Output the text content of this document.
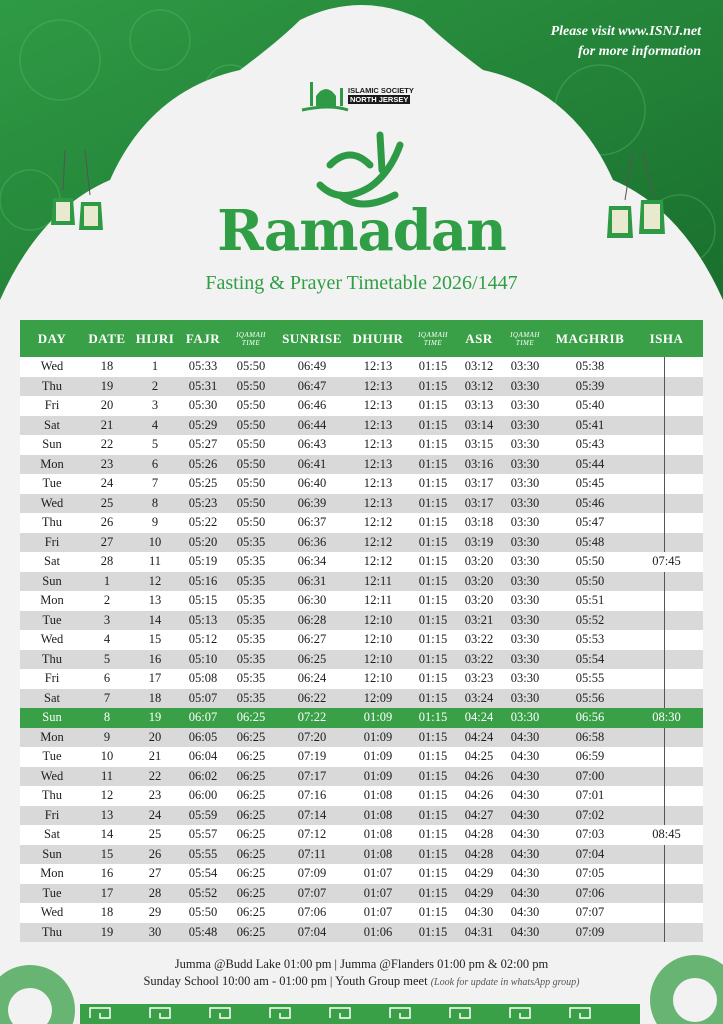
Please visit www.ISNJ.net
for more information
ISLAMIC SOCIETY
NORTH JERSEY
Ramadan
Fasting & Prayer Timetable 2026/1447
DAY	DATE	HIJRI	FAJR	IQAMAH TIME	SUNRISE	DHUHR	IQAMAH TIME	ASR	IQAMAH TIME	MAGHRIB	ISHA
Wed	18	1	05:33	05:50	06:49	12:13	01:15	03:12	03:30	05:38	
Thu	19	2	05:31	05:50	06:47	12:13	01:15	03:12	03:30	05:39	
Fri	20	3	05:30	05:50	06:46	12:13	01:15	03:13	03:30	05:40	
Sat	21	4	05:29	05:50	06:44	12:13	01:15	03:14	03:30	05:41	
Sun	22	5	05:27	05:50	06:43	12:13	01:15	03:15	03:30	05:43	
Mon	23	6	05:26	05:50	06:41	12:13	01:15	03:16	03:30	05:44	
Tue	24	7	05:25	05:50	06:40	12:13	01:15	03:17	03:30	05:45	
Wed	25	8	05:23	05:50	06:39	12:13	01:15	03:17	03:30	05:46	
Thu	26	9	05:22	05:50	06:37	12:12	01:15	03:18	03:30	05:47	
Fri	27	10	05:20	05:35	06:36	12:12	01:15	03:19	03:30	05:48	
Sat	28	11	05:19	05:35	06:34	12:12	01:15	03:20	03:30	05:50	07:45
Sun	1	12	05:16	05:35	06:31	12:11	01:15	03:20	03:30	05:50	
Mon	2	13	05:15	05:35	06:30	12:11	01:15	03:20	03:30	05:51	
Tue	3	14	05:13	05:35	06:28	12:10	01:15	03:21	03:30	05:52	
Wed	4	15	05:12	05:35	06:27	12:10	01:15	03:22	03:30	05:53	
Thu	5	16	05:10	05:35	06:25	12:10	01:15	03:22	03:30	05:54	
Fri	6	17	05:08	05:35	06:24	12:10	01:15	03:23	03:30	05:55	
Sat	7	18	05:07	05:35	06:22	12:09	01:15	03:24	03:30	05:56	
Sun	8	19	06:07	06:25	07:22	01:09	01:15	04:24	03:30	06:56	08:30
Mon	9	20	06:05	06:25	07:20	01:09	01:15	04:24	04:30	06:58	
Tue	10	21	06:04	06:25	07:19	01:09	01:15	04:25	04:30	06:59	
Wed	11	22	06:02	06:25	07:17	01:09	01:15	04:26	04:30	07:00	
Thu	12	23	06:00	06:25	07:16	01:08	01:15	04:26	04:30	07:01	
Fri	13	24	05:59	06:25	07:14	01:08	01:15	04:27	04:30	07:02	
Sat	14	25	05:57	06:25	07:12	01:08	01:15	04:28	04:30	07:03	08:45
Sun	15	26	05:55	06:25	07:11	01:08	01:15	04:28	04:30	07:04	
Mon	16	27	05:54	06:25	07:09	01:07	01:15	04:29	04:30	07:05	
Tue	17	28	05:52	06:25	07:07	01:07	01:15	04:29	04:30	07:06	
Wed	18	29	05:50	06:25	07:06	01:07	01:15	04:30	04:30	07:07	
Thu	19	30	05:48	06:25	07:04	01:06	01:15	04:31	04:30	07:09	
Jumma @Budd Lake 01:00 pm | Jumma @Flanders 01:00 pm & 02:00 pm
Sunday School 10:00 am - 01:00 pm | Youth Group meet (Look for update in whatsApp group)
